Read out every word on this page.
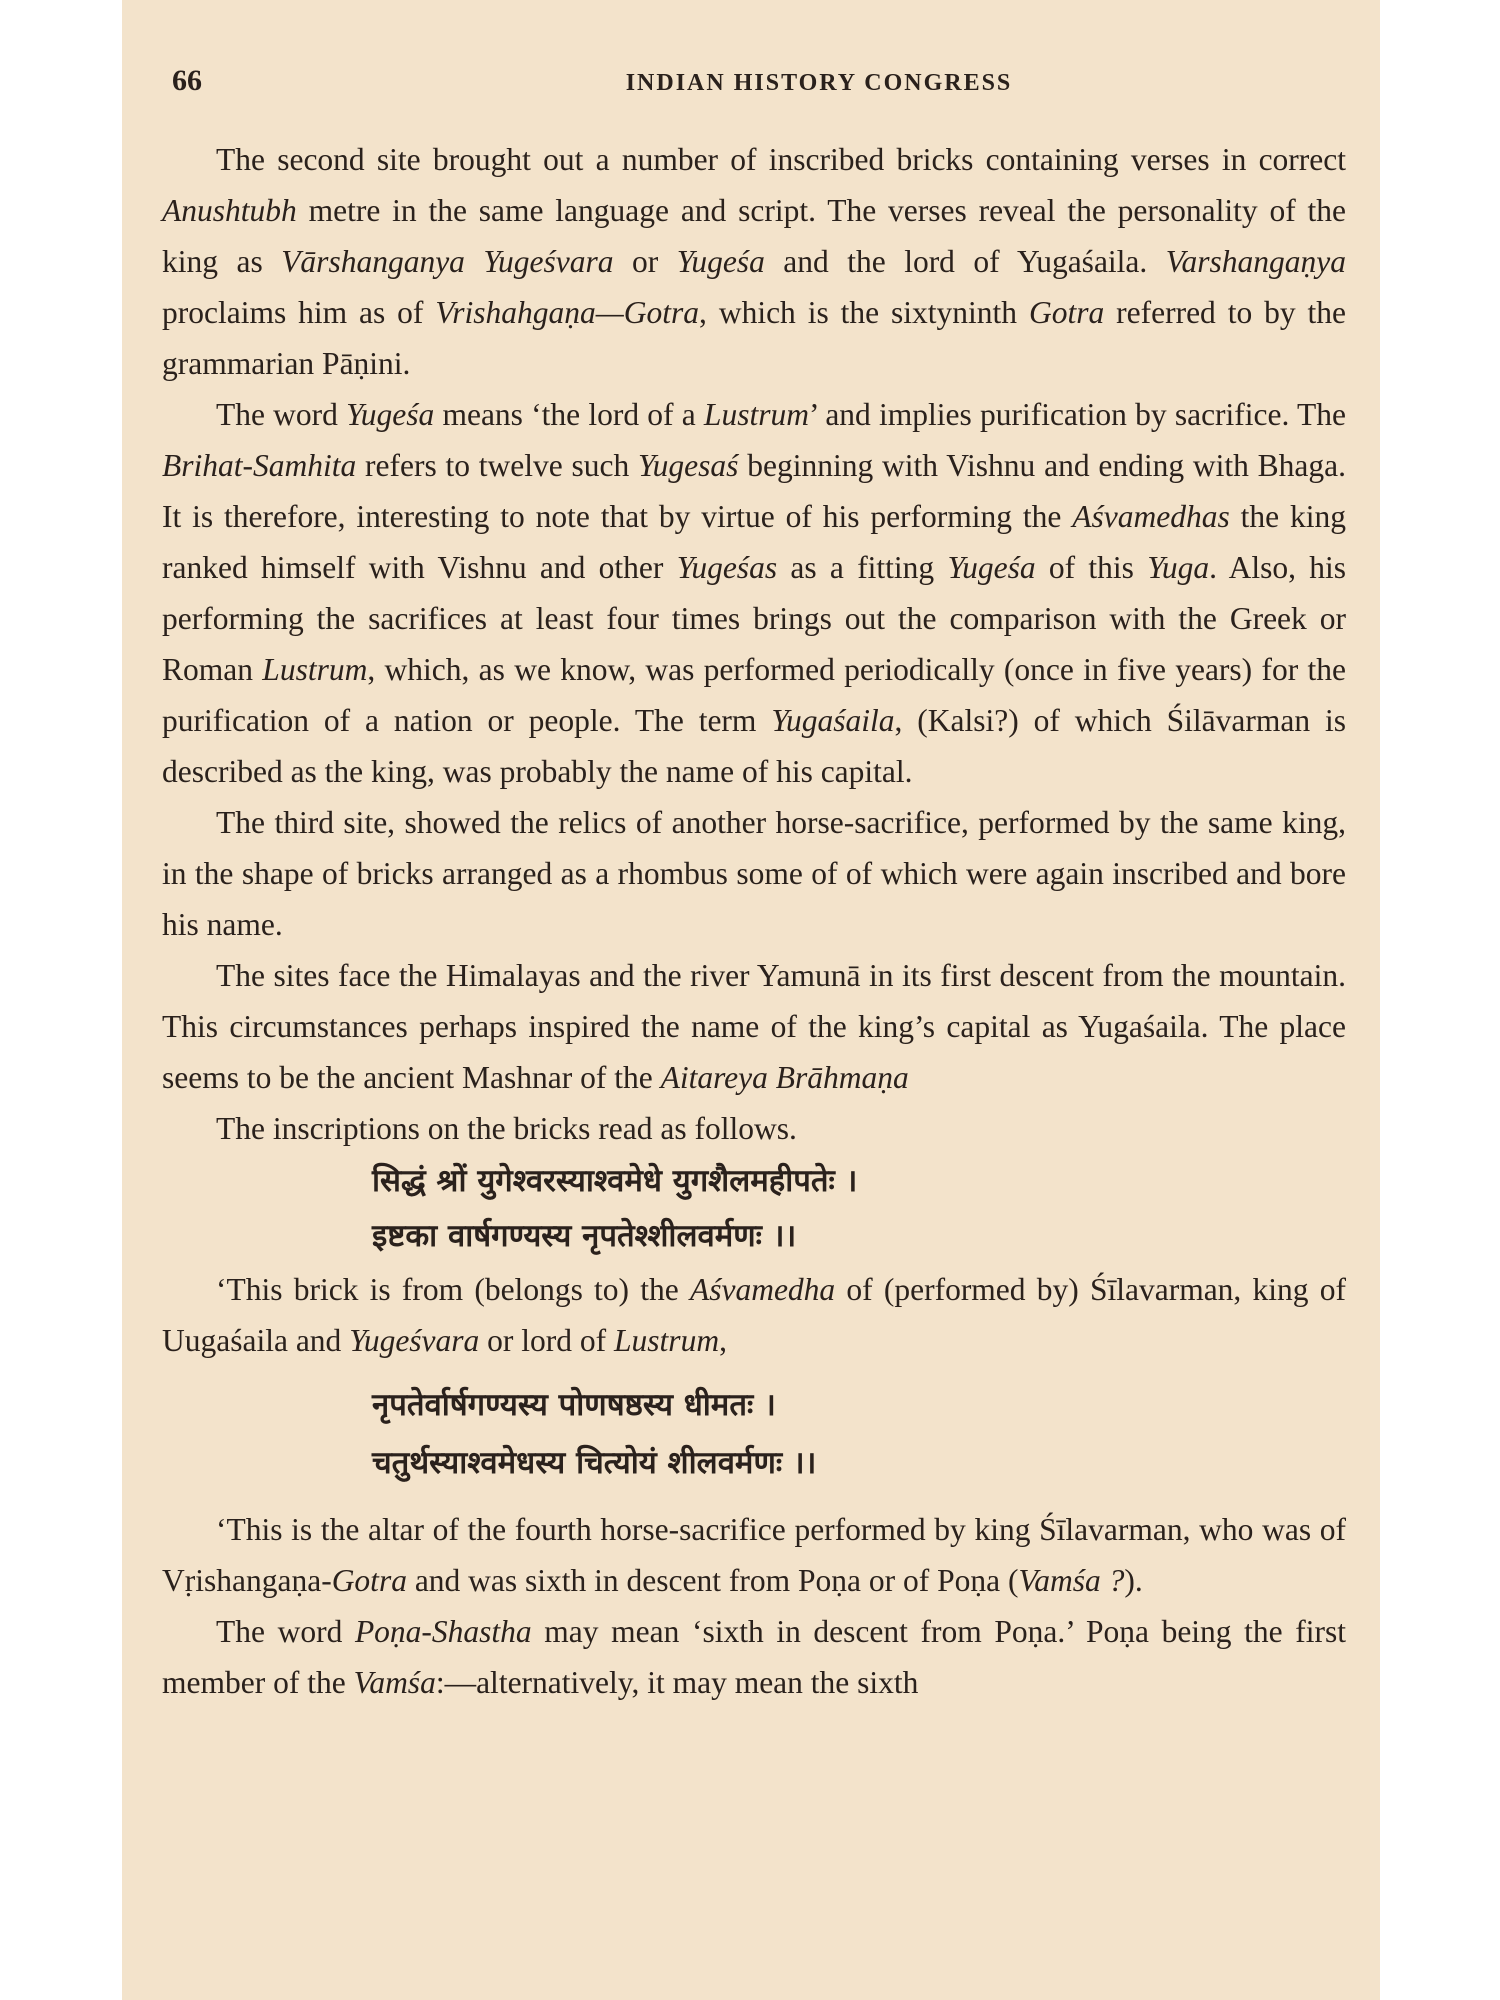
66	INDIAN HISTORY CONGRESS

The second site brought out a number of inscribed bricks containing verses in correct Anushtubh metre in the same language and script. The verses reveal the personality of the king as Vārshanganya Yugeśvara or Yugeśa and the lord of Yugaśaila. Varshangaṇya proclaims him as of Vrishahgaṇa—Gotra, which is the sixtyninth Gotra referred to by the grammarian Pāṇini.

The word Yugeśa means ‘the lord of a Lustrum’ and implies purification by sacrifice. The Brihat-Samhita refers to twelve such Yugesaś beginning with Vishnu and ending with Bhaga. It is therefore, interesting to note that by virtue of his performing the Aśvamedhas the king ranked himself with Vishnu and other Yugeśas as a fitting Yugeśa of this Yuga. Also, his performing the sacrifices at least four times brings out the comparison with the Greek or Roman Lustrum, which, as we know, was performed periodically (once in five years) for the purification of a nation or people. The term Yugaśaila, (Kalsi?) of which Śilāvarman is described as the king, was probably the name of his capital.

The third site, showed the relics of another horse-sacrifice, performed by the same king, in the shape of bricks arranged as a rhombus some of of which were again inscribed and bore his name.

The sites face the Himalayas and the river Yamunā in its first descent from the mountain. This circumstances perhaps inspired the name of the king’s capital as Yugaśaila. The place seems to be the ancient Mashnar of the Aitareya Brāhmaṇa

The inscriptions on the bricks read as follows.

सिद्धं श्रों युगेश्वरस्याश्वमेधे युगशैलमहीपतेः ।
इष्टका वार्षगण्यस्य नृपतेश्शीलवर्मणः ।।

‘This brick is from (belongs to) the Aśvamedha of (performed by) Śīlavarman, king of Uugaśaila and Yugeśvara or lord of Lustrum,

नृपतेर्वार्षगण्यस्य पोणषष्ठस्य धीमतः ।
चतुर्थस्याश्वमेधस्य चित्योयं शीलवर्मणः ।।

‘This is the altar of the fourth horse-sacrifice performed by king Śīlavarman, who was of Vṛishangaṇa-Gotra and was sixth in descent from Poṇa or of Poṇa (Vamśa ?).

The word Poṇa-Shastha may mean ‘sixth in descent from Poṇa.’ Poṇa being the first member of the Vamśa:—alternatively, it may mean the sixth
